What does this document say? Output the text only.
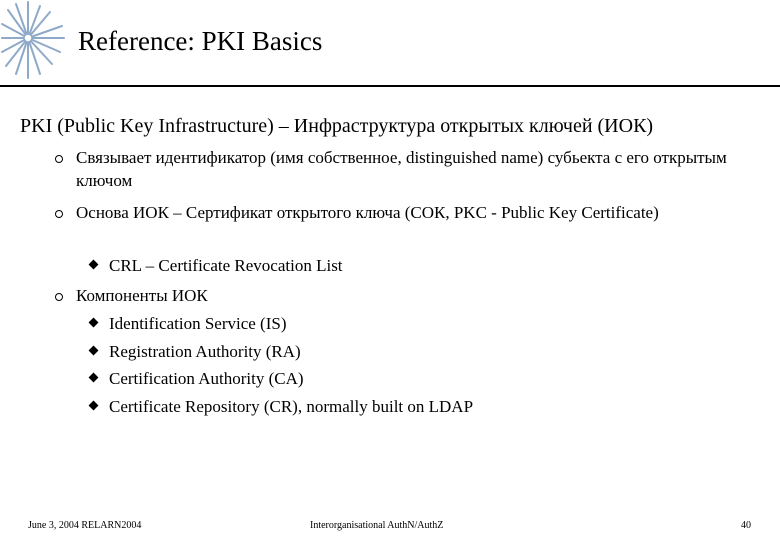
Reference: PKI Basics
PKI (Public Key Infrastructure) – Инфраструктура открытых ключей (ИОК)
Связывает идентификатор (имя собственное, distinguished name) субьекта с его открытым ключом
Основа ИОК – Сертификат открытого ключа (СОК, PKC - Public Key Certificate)
CRL – Certificate Revocation List
Компоненты ИОК
Identification Service (IS)
Registration Authority (RA)
Certification Authority (CA)
Certificate Repository (CR), normally built on LDAP
June 3, 2004 RELARN2004	Interorganisational AuthN/AuthZ	40
